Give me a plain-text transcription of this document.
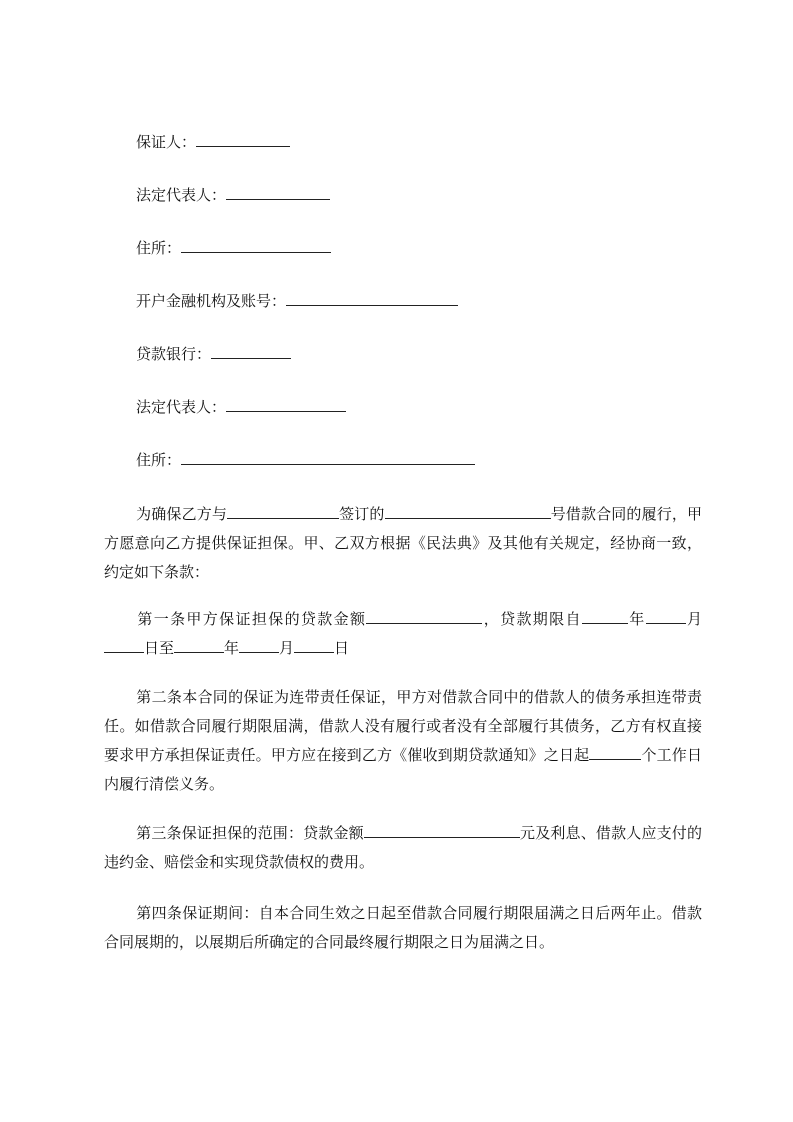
保证人：
法定代表人：
住所：
开户金融机构及账号：
贷款银行：
法定代表人：
住所：
为确保乙方与	签订的	号借款合同的履行，甲方愿意向乙方提供保证担保。甲、乙双方根据《民法典》及其他有关规定，经协商一致，约定如下条款：
第一条甲方保证担保的贷款金额	，贷款期限自	年	月日至	年	月	日
第二条本合同的保证为连带责任保证，甲方对借款合同中的借款人的债务承担连带责任。如借款合同履行期限届满，借款人没有履行或者没有全部履行其债务，乙方有权直接要求甲方承担保证责任。甲方应在接到乙方《催收到期贷款通知》之日起	个工作日内履行清偿义务。
第三条保证担保的范围：贷款金额	元及利息、借款人应支付的违约金、赔偿金和实现贷款债权的费用。
第四条保证期间：自本合同生效之日起至借款合同履行期限届满之日后两年止。借款合同展期的，以展期后所确定的合同最终履行期限之日为届满之日。
